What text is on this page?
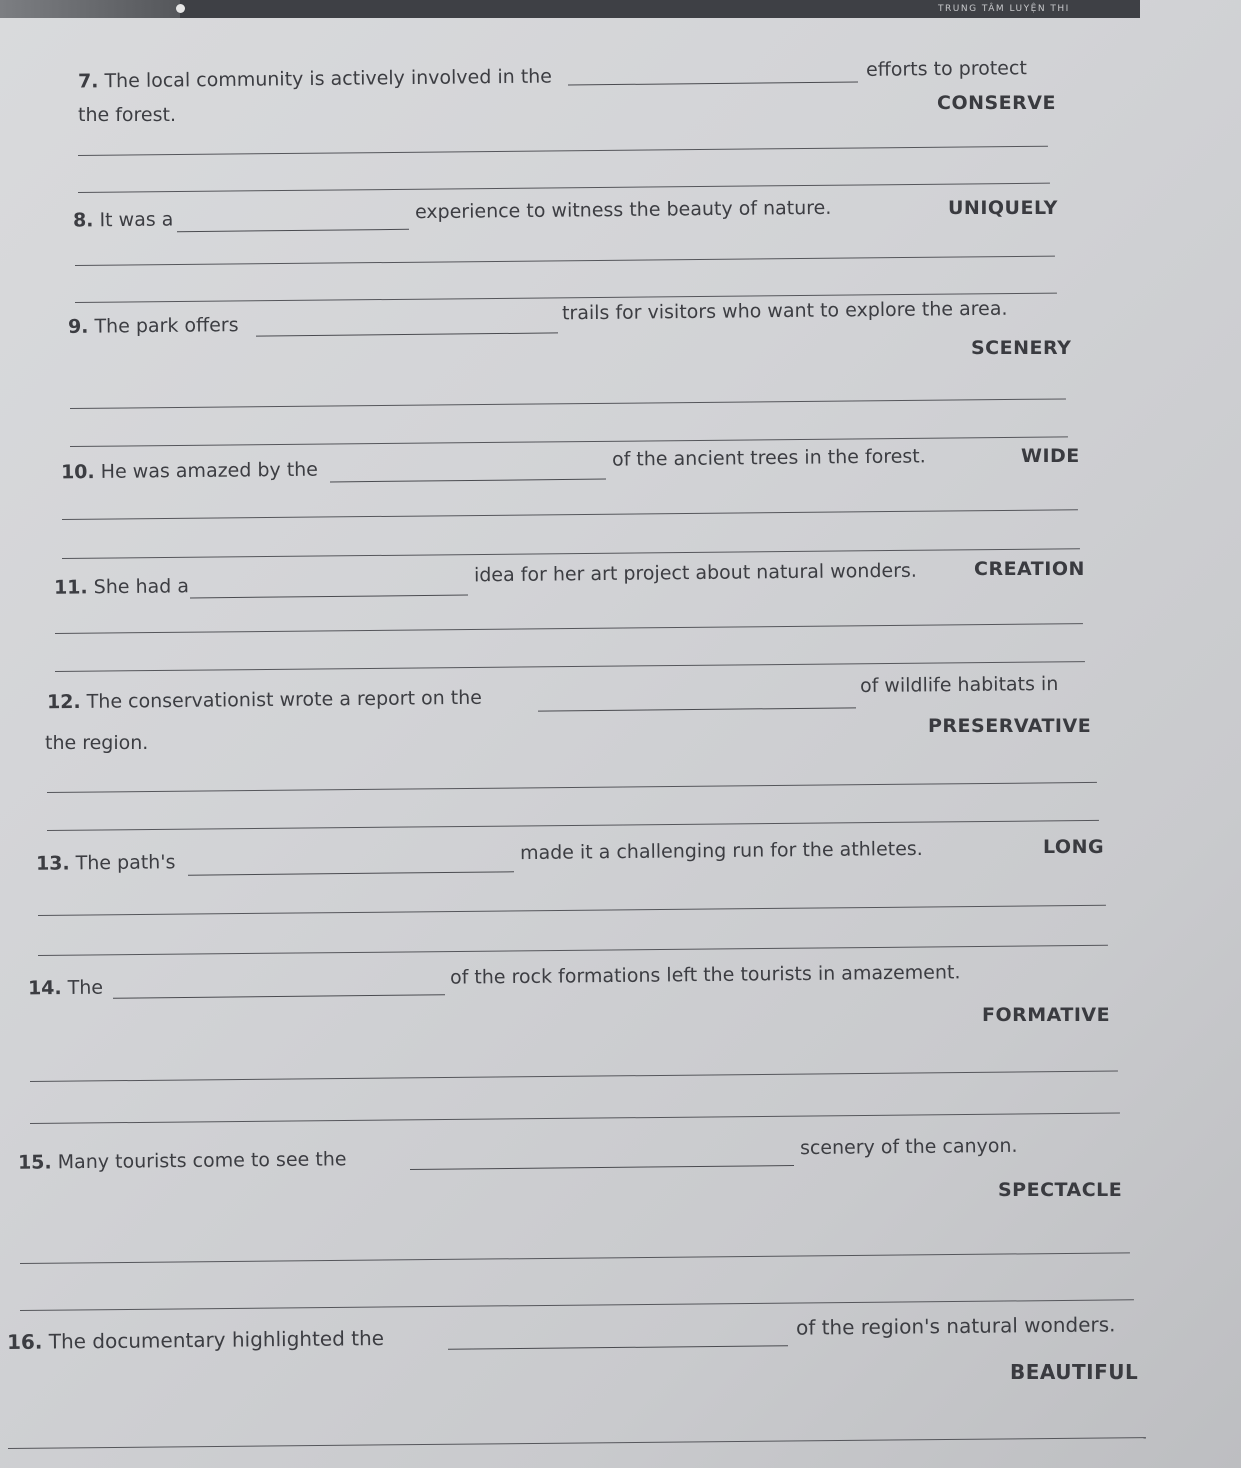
TRUNG TÂM LUYỆN THI
7. The local community is actively involved in the	efforts to protect
the forest.
CONSERVE
8. It was a	experience to witness the beauty of nature.	UNIQUELY
9. The park offers
trails for visitors who want to explore the area.
SCENERY
10. He was amazed by the
of the ancient trees in the forest.	WIDE
11. She had a
idea for her art project about natural wonders.	CREATION
12. The conservationist wrote a report on the
of wildlife habitats in
the region.
PRESERVATIVE
13. The path's	made it a challenging run for the athletes.	LONG
14. The	of the rock formations left the tourists in amazement.
FORMATIVE
15. Many tourists come to see the
scenery of the canyon.
SPECTACLE
16. The documentary highlighted the
of the region's natural wonders.
BEAUTIFUL
